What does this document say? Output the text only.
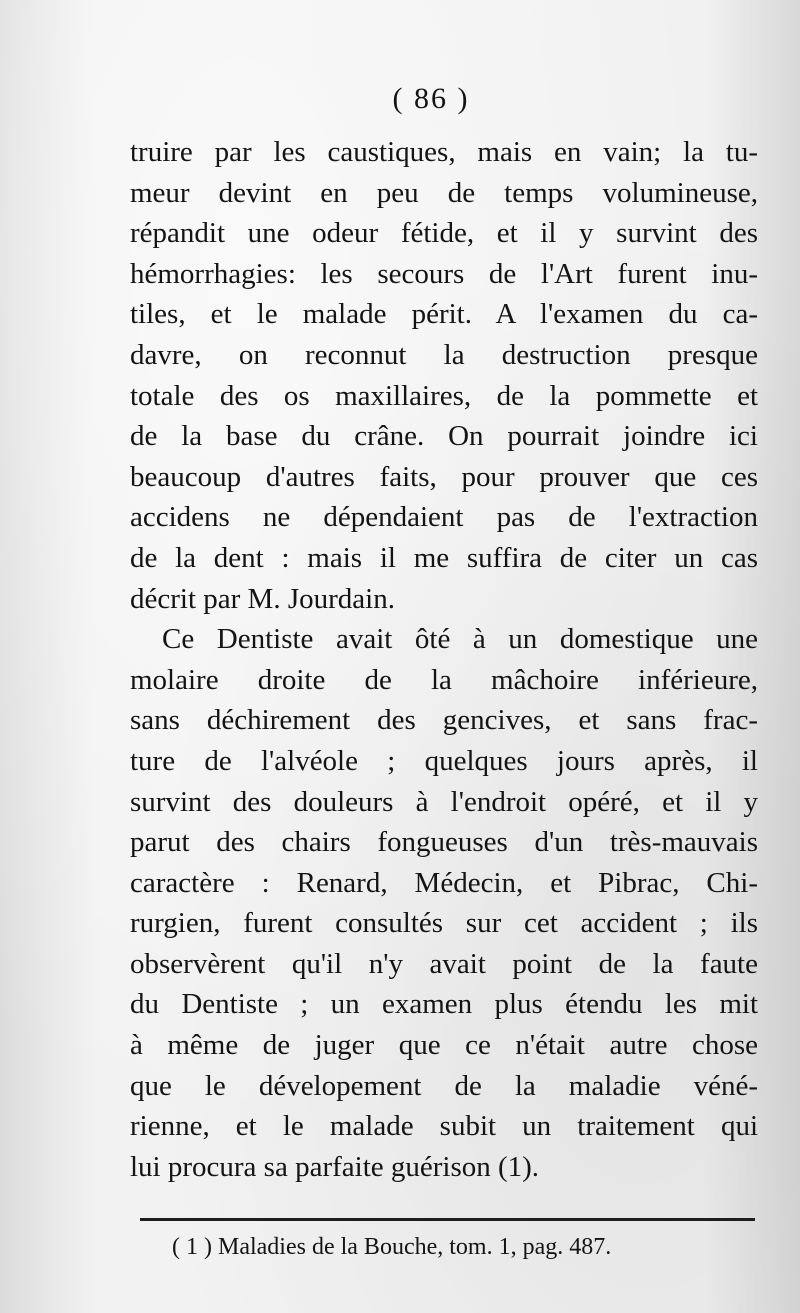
( 86 )
truire par les caustiques, mais en vain; la tu-
meur devint en peu de temps volumineuse,
répandit une odeur fétide, et il y survint des
hémorrhagies: les secours de l'Art furent inu-
tiles, et le malade périt. A l'examen du ca-
davre, on reconnut la destruction presque
totale des os maxillaires, de la pommette et
de la base du crâne. On pourrait joindre ici
beaucoup d'autres faits, pour prouver que ces
accidens ne dépendaient pas de l'extraction
de la dent : mais il me suffira de citer un cas
décrit par M. Jourdain.
Ce Dentiste avait ôté à un domestique une
molaire droite de la mâchoire inférieure,
sans déchirement des gencives, et sans frac-
ture de l'alvéole ; quelques jours après, il
survint des douleurs à l'endroit opéré, et il y
parut des chairs fongueuses d'un très-mauvais
caractère : Renard, Médecin, et Pibrac, Chi-
rurgien, furent consultés sur cet accident ; ils
observèrent qu'il n'y avait point de la faute
du Dentiste ; un examen plus étendu les mit
à même de juger que ce n'était autre chose
que le dévelopement de la maladie véné-
rienne, et le malade subit un traitement qui
lui procura sa parfaite guérison (1).
( 1 ) Maladies de la Bouche, tom. 1, pag. 487.
